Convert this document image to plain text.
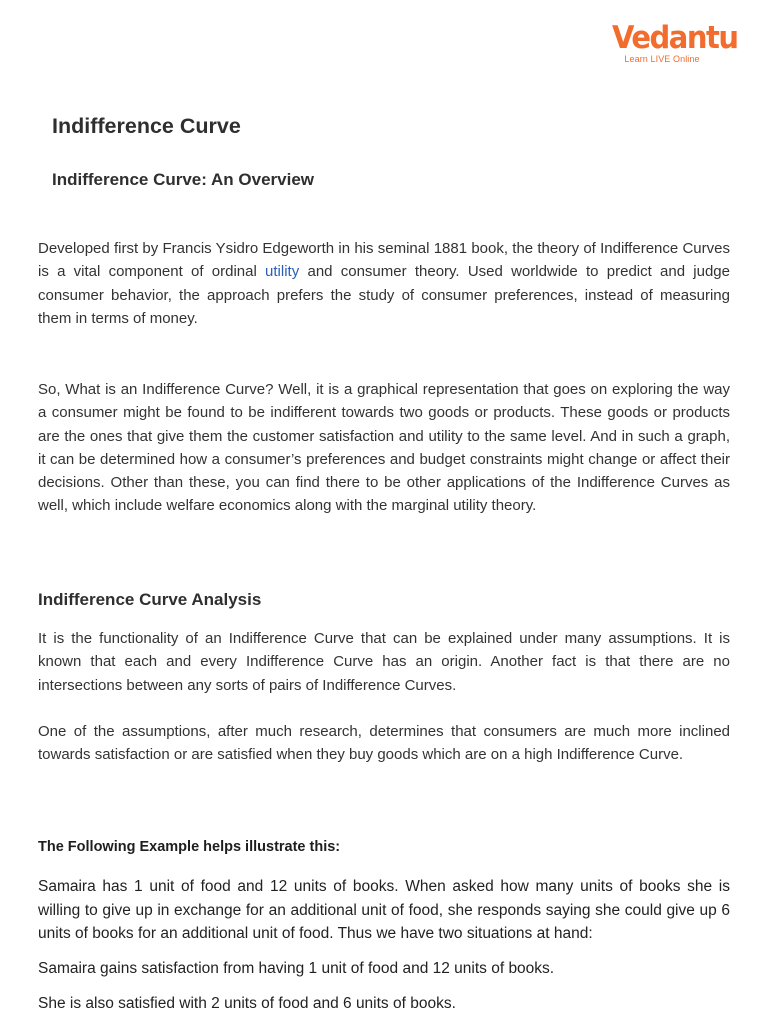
Vedantu
Learn LIVE Online
Indifference Curve
Indifference Curve: An Overview

Developed first by Francis Ysidro Edgeworth in his seminal 1881 book, the theory of Indifference Curves is a vital component of ordinal utility and consumer theory. Used worldwide to predict and judge consumer behavior, the approach prefers the study of consumer preferences, instead of measuring them in terms of money.

So, What is an Indifference Curve? Well, it is a graphical representation that goes on exploring the way a consumer might be found to be indifferent towards two goods or products. These goods or products are the ones that give them the customer satisfaction and utility to the same level. And in such a graph, it can be determined how a consumer’s preferences and budget constraints might change or affect their decisions. Other than these, you can find there to be other applications of the Indifference Curves as well, which include welfare economics along with the marginal utility theory.

Indifference Curve Analysis

It is the functionality of an Indifference Curve that can be explained under many assumptions. It is known that each and every Indifference Curve has an origin. Another fact is that there are no intersections between any sorts of pairs of Indifference Curves.

One of the assumptions, after much research, determines that consumers are much more inclined towards satisfaction or are satisfied when they buy goods which are on a high Indifference Curve.

The Following Example helps illustrate this:

Samaira has 1 unit of food and 12 units of books. When asked how many units of books she is willing to give up in exchange for an additional unit of food, she responds saying she could give up 6 units of books for an additional unit of food. Thus we have two situations at hand:

Samaira gains satisfaction from having 1 unit of food and 12 units of books.

She is also satisfied with 2 units of food and 6 units of books.
